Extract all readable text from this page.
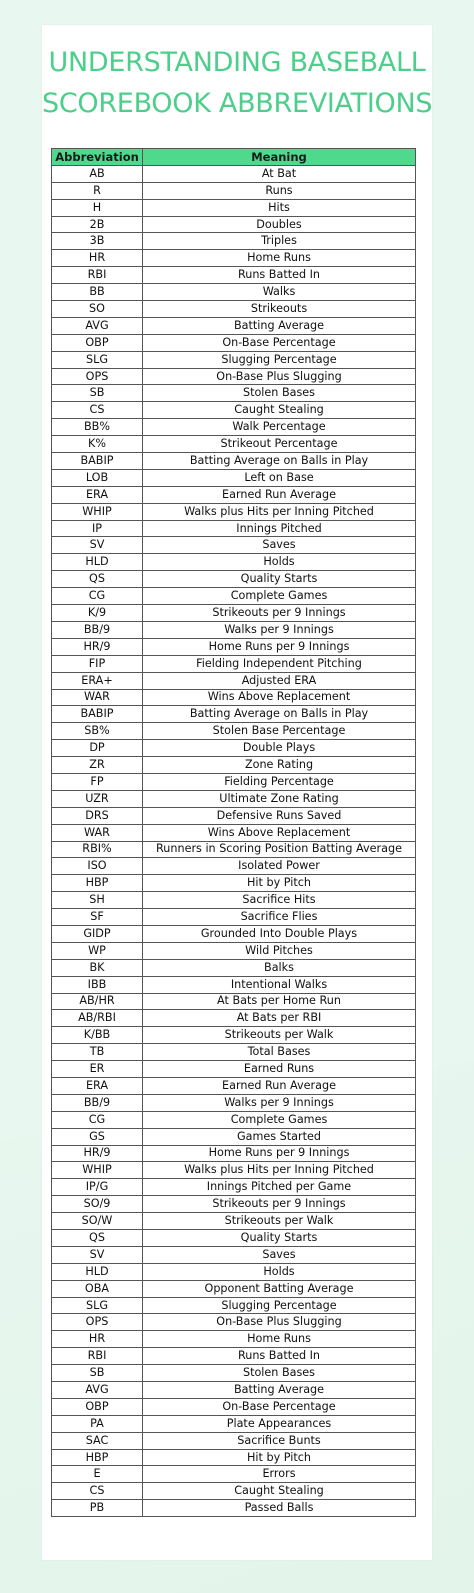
UNDERSTANDING BASEBALL
SCOREBOOK ABBREVIATIONS
Abbreviation	Meaning
AB	At Bat
R	Runs
H	Hits
2B	Doubles
3B	Triples
HR	Home Runs
RBI	Runs Batted In
BB	Walks
SO	Strikeouts
AVG	Batting Average
OBP	On-Base Percentage
SLG	Slugging Percentage
OPS	On-Base Plus Slugging
SB	Stolen Bases
CS	Caught Stealing
BB%	Walk Percentage
K%	Strikeout Percentage
BABIP	Batting Average on Balls in Play
LOB	Left on Base
ERA	Earned Run Average
WHIP	Walks plus Hits per Inning Pitched
IP	Innings Pitched
SV	Saves
HLD	Holds
QS	Quality Starts
CG	Complete Games
K/9	Strikeouts per 9 Innings
BB/9	Walks per 9 Innings
HR/9	Home Runs per 9 Innings
FIP	Fielding Independent Pitching
ERA+	Adjusted ERA
WAR	Wins Above Replacement
BABIP	Batting Average on Balls in Play
SB%	Stolen Base Percentage
DP	Double Plays
ZR	Zone Rating
FP	Fielding Percentage
UZR	Ultimate Zone Rating
DRS	Defensive Runs Saved
WAR	Wins Above Replacement
RBI%	Runners in Scoring Position Batting Average
ISO	Isolated Power
HBP	Hit by Pitch
SH	Sacrifice Hits
SF	Sacrifice Flies
GIDP	Grounded Into Double Plays
WP	Wild Pitches
BK	Balks
IBB	Intentional Walks
AB/HR	At Bats per Home Run
AB/RBI	At Bats per RBI
K/BB	Strikeouts per Walk
TB	Total Bases
ER	Earned Runs
ERA	Earned Run Average
BB/9	Walks per 9 Innings
CG	Complete Games
GS	Games Started
HR/9	Home Runs per 9 Innings
WHIP	Walks plus Hits per Inning Pitched
IP/G	Innings Pitched per Game
SO/9	Strikeouts per 9 Innings
SO/W	Strikeouts per Walk
QS	Quality Starts
SV	Saves
HLD	Holds
OBA	Opponent Batting Average
SLG	Slugging Percentage
OPS	On-Base Plus Slugging
HR	Home Runs
RBI	Runs Batted In
SB	Stolen Bases
AVG	Batting Average
OBP	On-Base Percentage
PA	Plate Appearances
SAC	Sacrifice Bunts
HBP	Hit by Pitch
E	Errors
CS	Caught Stealing
PB	Passed Balls
